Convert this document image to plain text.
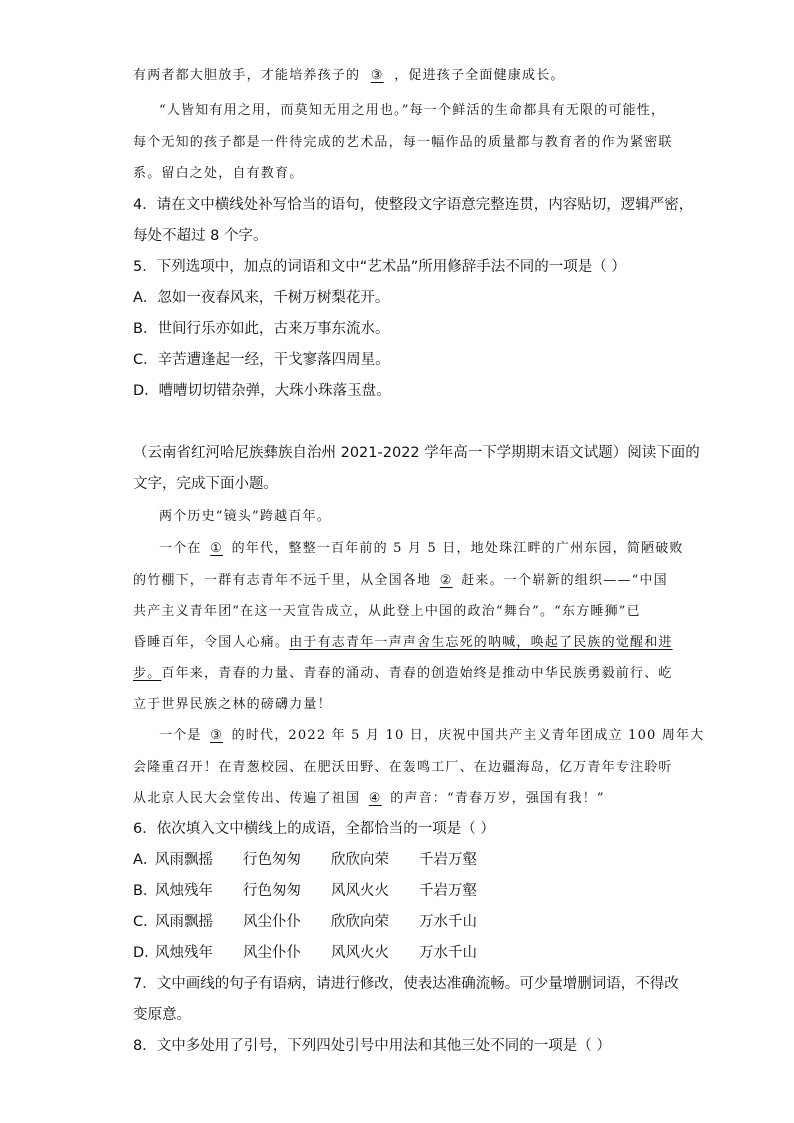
有两者都大胆放手，才能培养孩子的 ③ ，促进孩子全面健康成长。
“人皆知有用之用，而莫知无用之用也。”每一个鲜活的生命都具有无限的可能性，
每个无知的孩子都是一件待完成的艺术品，每一幅作品的质量都与教育者的作为紧密联
系。留白之处，自有教育。
4．请在文中横线处补写恰当的语句，使整段文字语意完整连贯，内容贴切，逻辑严密，
每处不超过 8 个字。
5．下列选项中，加点的词语和文中“艺术品”所用修辞手法不同的一项是（ ）
A．忽如一夜春风来，千树万树梨花开。
B．世间行乐亦如此，古来万事东流水。
C．辛苦遭逢起一经，干戈寥落四周星。
D．嘈嘈切切错杂弹，大珠小珠落玉盘。
（云南省红河哈尼族彝族自治州 2021-2022 学年高一下学期期末语文试题）阅读下面的
文字，完成下面小题。
两个历史“镜头”跨越百年。
一个在 ① 的年代，整整一百年前的 5 月 5 日，地处珠江畔的广州东园，简陋破败
的竹棚下，一群有志青年不远千里，从全国各地 ② 赶来。一个崭新的组织——“中国
共产主义青年团”在这一天宣告成立，从此登上中国的政治“舞台”。“东方睡狮”已
昏睡百年，令国人心痛。由于有志青年一声声舍生忘死的呐喊，唤起了民族的觉醒和进
步。百年来，青春的力量、青春的涌动、青春的创造始终是推动中华民族勇毅前行、屹
立于世界民族之林的磅礴力量！
一个是 ③ 的时代，2022 年 5 月 10 日，庆祝中国共产主义青年团成立 100 周年大
会隆重召开！在青葱校园、在肥沃田野、在轰鸣工厂、在边疆海岛，亿万青年专注聆听
从北京人民大会堂传出、传遍了祖国 ④ 的声音：“青春万岁，强国有我！”
6．依次填入文中横线上的成语，全都恰当的一项是（ ）
A．风雨飘摇 行色匆匆 欣欣向荣 千岩万壑
B．风烛残年 行色匆匆 风风火火 千岩万壑
C．风雨飘摇 风尘仆仆 欣欣向荣 万水千山
D．风烛残年 风尘仆仆 风风火火 万水千山
7．文中画线的句子有语病，请进行修改，使表达准确流畅。可少量增删词语，不得改
变原意。
8．文中多处用了引号，下列四处引号中用法和其他三处不同的一项是（ ）
